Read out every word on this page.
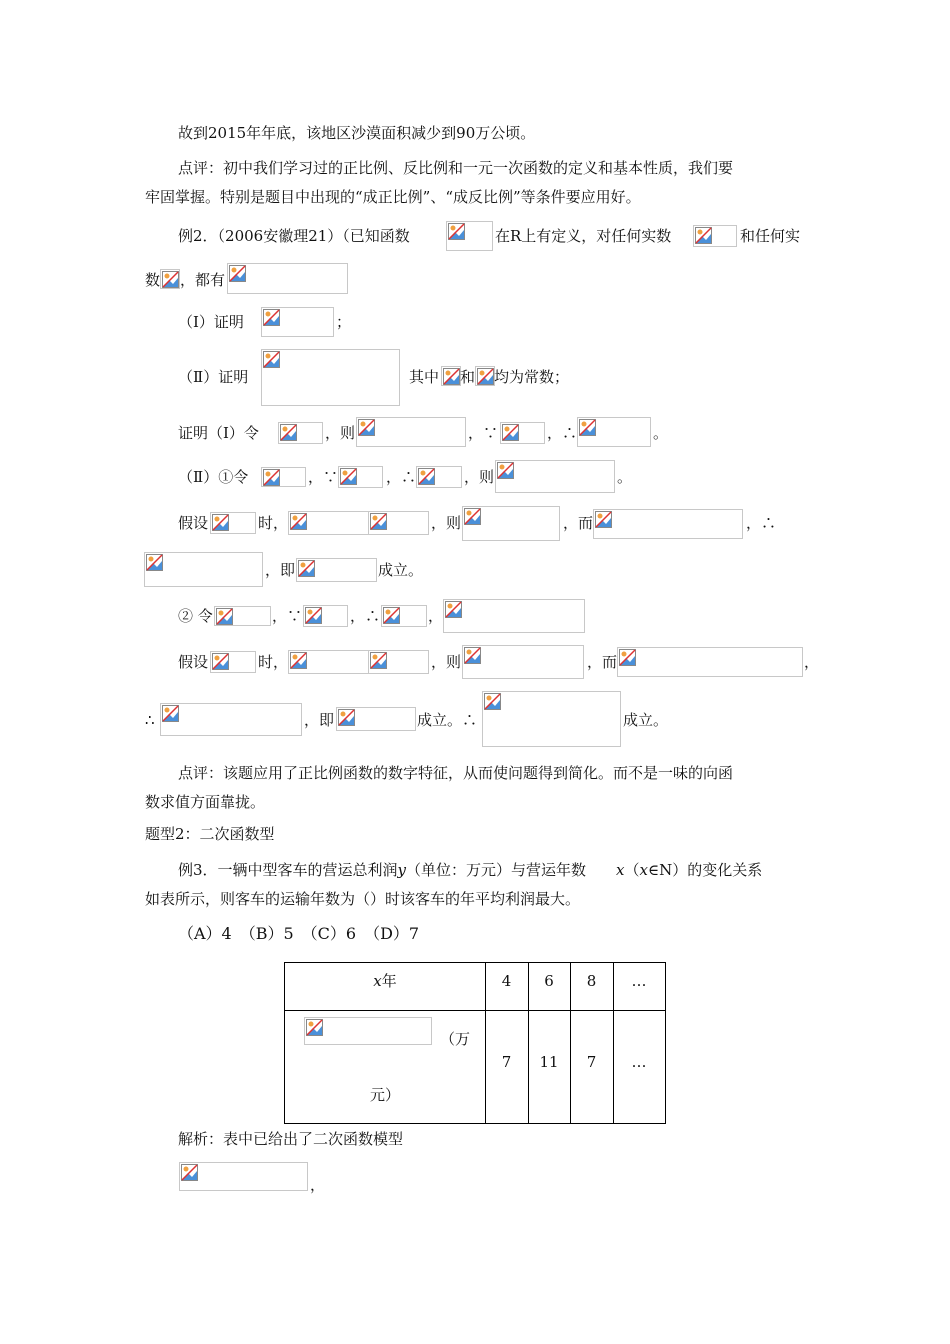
故到2015年年底，该地区沙漠面积减少到90万公顷。
点评：初中我们学习过的正比例、反比例和一元一次函数的定义和基本性质，我们要
牢固掌握。特别是题目中出现的“成正比例”、“成反比例”等条件要应用好。
例2．（2006安徽理21）（已知函数	在R上有定义，对任何实数	和任何实
数 ，都有
（Ⅰ）证明	；
（Ⅱ）证明	其中 和 均为常数；
证明（Ⅰ）令	，则	，∵	，∴	。
（Ⅱ）①令	，∵	，∴	，则	。
假设	时，	，则	，而	，∴
，即	成立。
② 令	，∵	，∴	，
假设	时，	，则	，而	，
∴	，即	成立。∴	成立。
点评：该题应用了正比例函数的数字特征，从而使问题得到简化。而不是一味的向函
数求值方面靠拢。
题型2：二次函数型
例3．一辆中型客车的营运总利润y（单位：万元）与营运年数 x（x∈N）的变化关系
如表所示，则客车的运输年数为（）时该客车的年平均利润最大。
（A）4　（B）5　（C）6　（D）7
x年	4	6	8	…
（万
元）
7	11	7	…
解析：表中已给出了二次函数模型
，
